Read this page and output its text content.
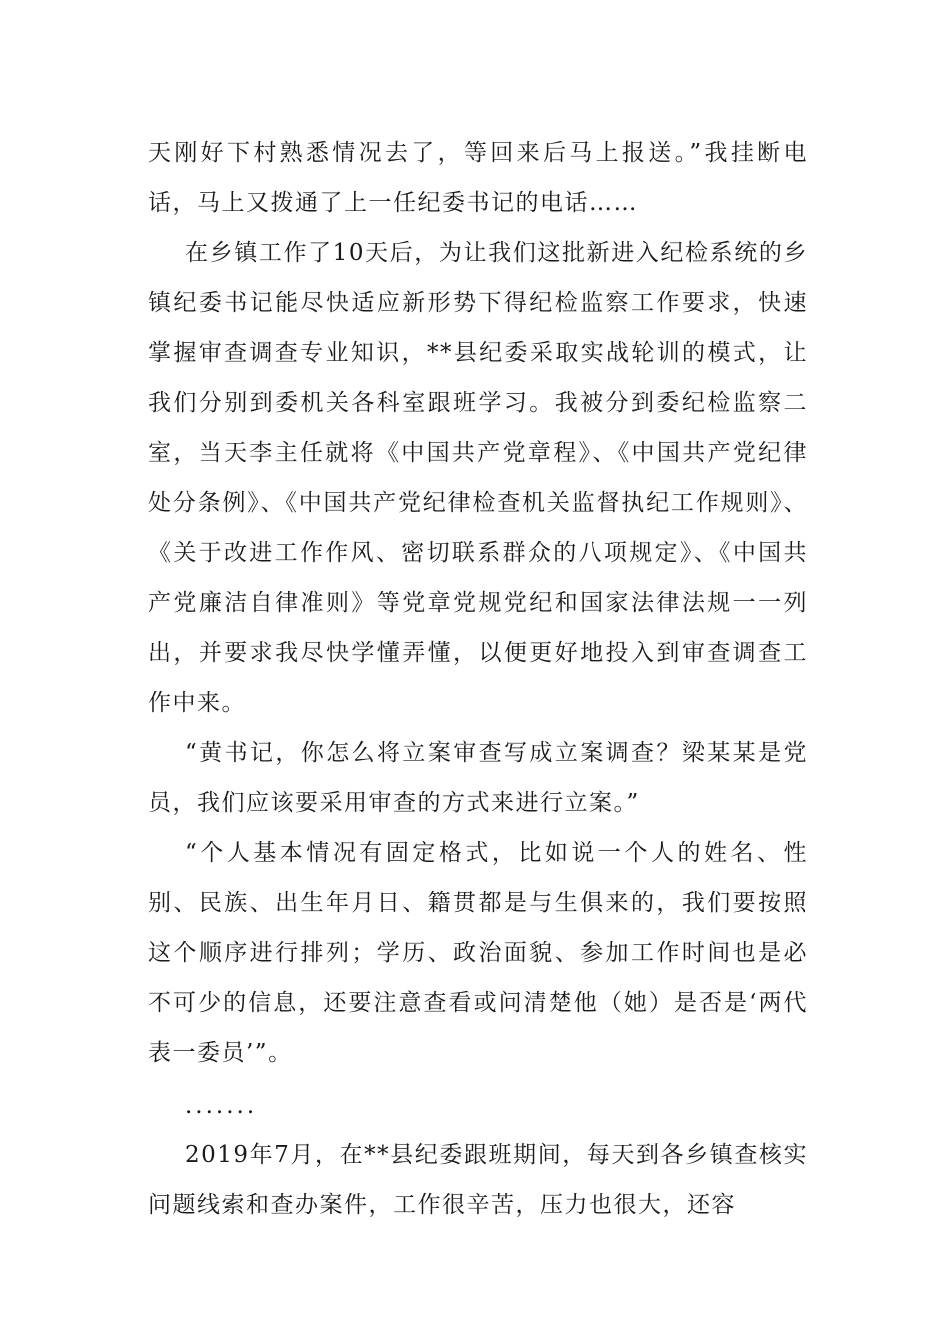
天刚好下村熟悉情况去了，等回来后马上报送。”我挂断电话，马上又拨通了上一任纪委书记的电话……

在乡镇工作了10天后，为让我们这批新进入纪检系统的乡镇纪委书记能尽快适应新形势下得纪检监察工作要求，快速掌握审查调查专业知识，**县纪委采取实战轮训的模式，让我们分别到委机关各科室跟班学习。我被分到委纪检监察二室，当天李主任就将《中国共产党章程》、《中国共产党纪律处分条例》、《中国共产党纪律检查机关监督执纪工作规则》、《关于改进工作作风、密切联系群众的八项规定》、《中国共产党廉洁自律准则》等党章党规党纪和国家法律法规一一列出，并要求我尽快学懂弄懂，以便更好地投入到审查调查工作中来。

“黄书记，你怎么将立案审查写成立案调查？梁某某是党员，我们应该要采用审查的方式来进行立案。”

“个人基本情况有固定格式，比如说一个人的姓名、性别、民族、出生年月日、籍贯都是与生俱来的，我们要按照这个顺序进行排列；学历、政治面貌、参加工作时间也是必不可少的信息，还要注意查看或问清楚他（她）是否是‘两代表一委员’”。

.......

2019年7月，在**县纪委跟班期间，每天到各乡镇查核实问题线索和查办案件，工作很辛苦，压力也很大，还容
